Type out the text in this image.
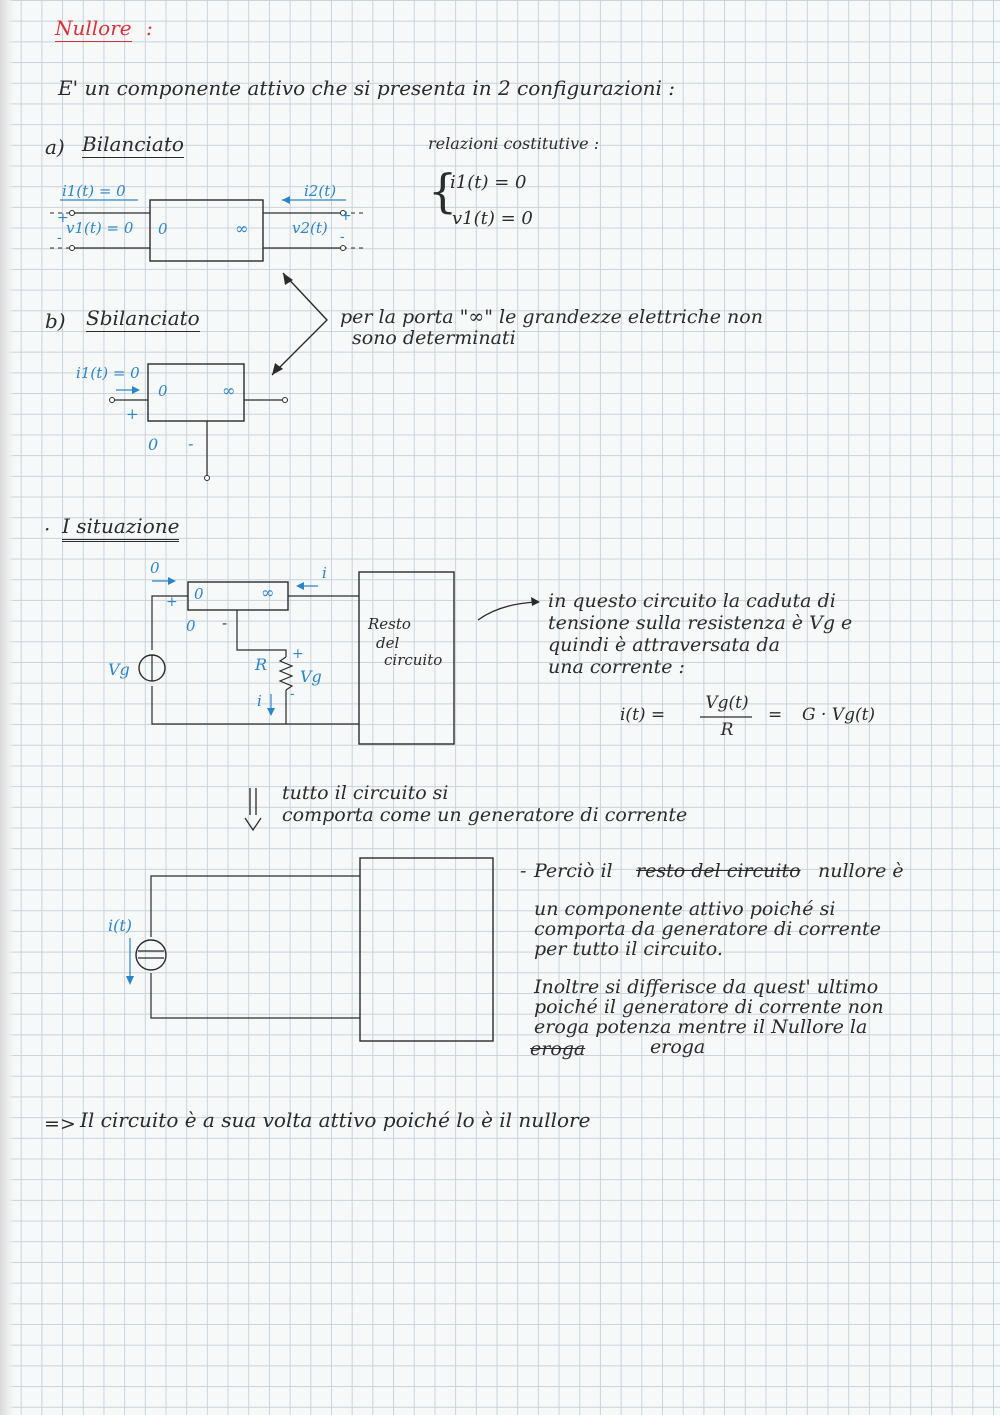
Nullore :
E' un componente attivo che si presenta in 2 configurazioni :
a) Bilanciato	relazioni costitutive :
{
i1(t) = 0
v1(t) = 0
i1(t) = 0	i2(t)
v1(t) = 0	v2(t)
0	∞
+
-
+
-
b) Sbilanciato
i1(t) = 0
0	∞
+
0 -
per la porta "∞" le grandezze elettriche non
sono determinati
· I situazione
0
0	∞
i
+
0 -
Vg	R
Vg
+
-
i
Resto
del
circuito
in questo circuito la caduta di
tensione sulla resistenza è Vg e
quindi è attraversata da
una corrente :
i(t) =
Vg(t)
R
= G · Vg(t)
tutto il circuito si
comporta come un generatore di corrente
i(t)
- Perciò il resto del circuito nullore è
un componente attivo poiché si
comporta da generatore di corrente
per tutto il circuito.
Inoltre si differisce da quest' ultimo
poiché il generatore di corrente non
eroga potenza mentre il Nullore la
eroga	eroga
=> Il circuito è a sua volta attivo poiché lo è il nullore
